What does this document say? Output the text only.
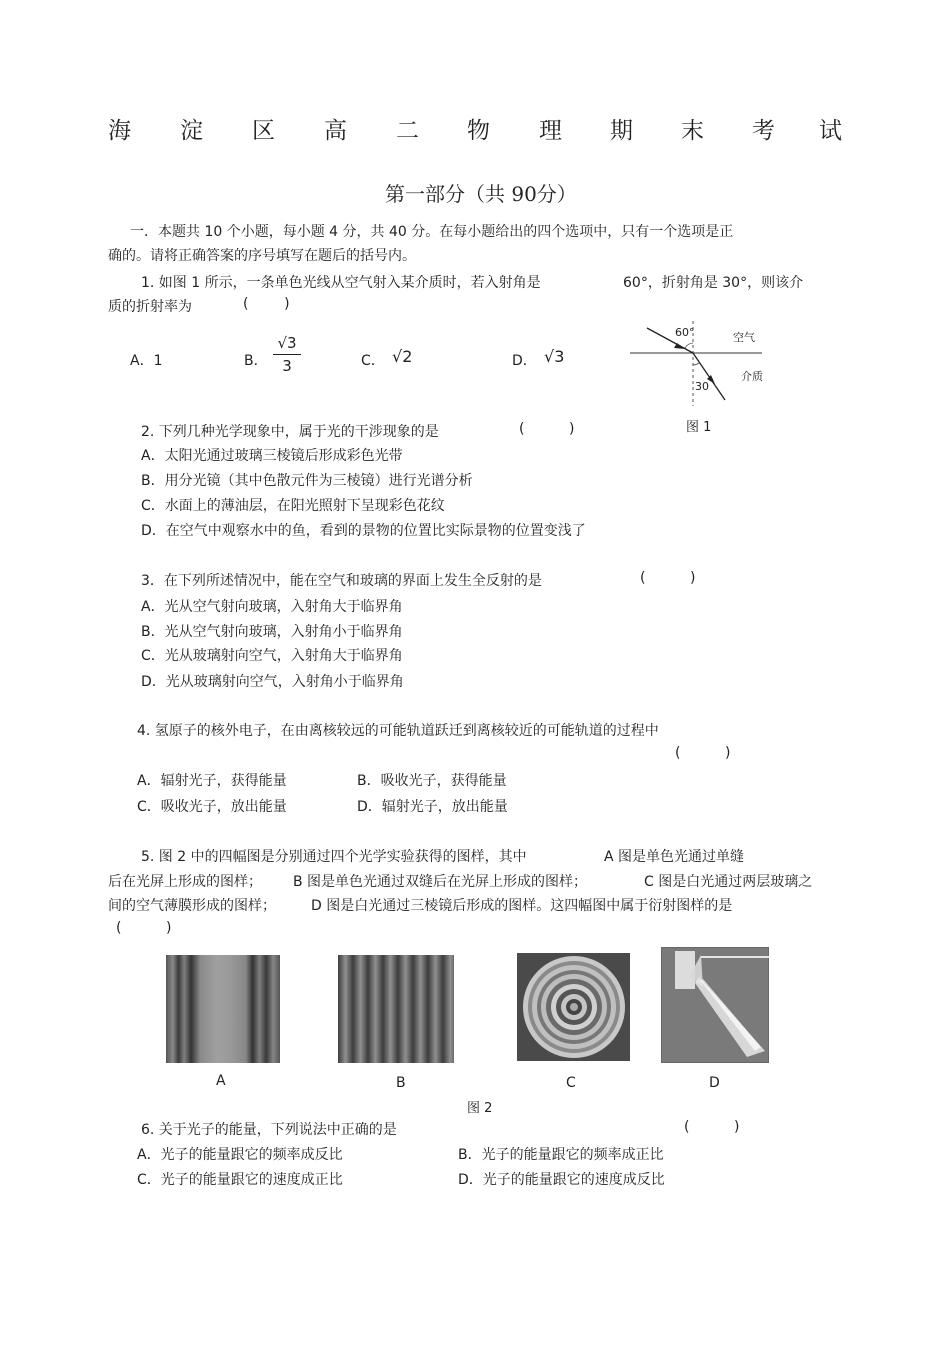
海 淀 区 高 二 物 理 期 末 考 试
第一部分（共 90分）
一．本题共 10 个小题，每小题 4 分，共 40 分。在每小题给出的四个选项中，只有一个选项是正
确的。请将正确答案的序号填写在题后的括号内。
1. 如图 1 所示，一条单色光线从空气射入某介质时，若入射角是	60°，折射角是 30°，则该介
质的折射率为	(        )
A．1	B． $\frac{√3}{3}$	C． √2	D． √3
60°
30
空气
介质
图 1
2. 下列几种光学现象中，属于光的干涉现象的是	(          )
A．太阳光通过玻璃三棱镜后形成彩色光带
B．用分光镜（其中色散元件为三棱镜）进行光谱分析
C．水面上的薄油层，在阳光照射下呈现彩色花纹
D．在空气中观察水中的鱼，看到的景物的位置比实际景物的位置变浅了
3．在下列所述情况中，能在空气和玻璃的界面上发生全反射的是	(          )
A．光从空气射向玻璃，入射角大于临界角
B．光从空气射向玻璃，入射角小于临界角
C．光从玻璃射向空气，入射角大于临界角
D．光从玻璃射向空气，入射角小于临界角
4. 氢原子的核外电子，在由离核较远的可能轨道跃迁到离核较近的可能轨道的过程中
(          )
A．辐射光子，获得能量	B．吸收光子，获得能量
C．吸收光子，放出能量	D．辐射光子，放出能量
5. 图 2 中的四幅图是分别通过四个光学实验获得的图样，其中	A 图是单色光通过单缝
后在光屏上形成的图样； B 图是单色光通过双缝后在光屏上形成的图样；	C 图是白光通过两层玻璃之
间的空气薄膜形成的图样；	D 图是白光通过三棱镜后形成的图样。这四幅图中属于衍射图样的是
(          )
A	B	C	D
图 2
6. 关于光子的能量，下列说法中正确的是	(          )
A．光子的能量跟它的频率成反比	B．光子的能量跟它的频率成正比
C．光子的能量跟它的速度成正比	D．光子的能量跟它的速度成反比
